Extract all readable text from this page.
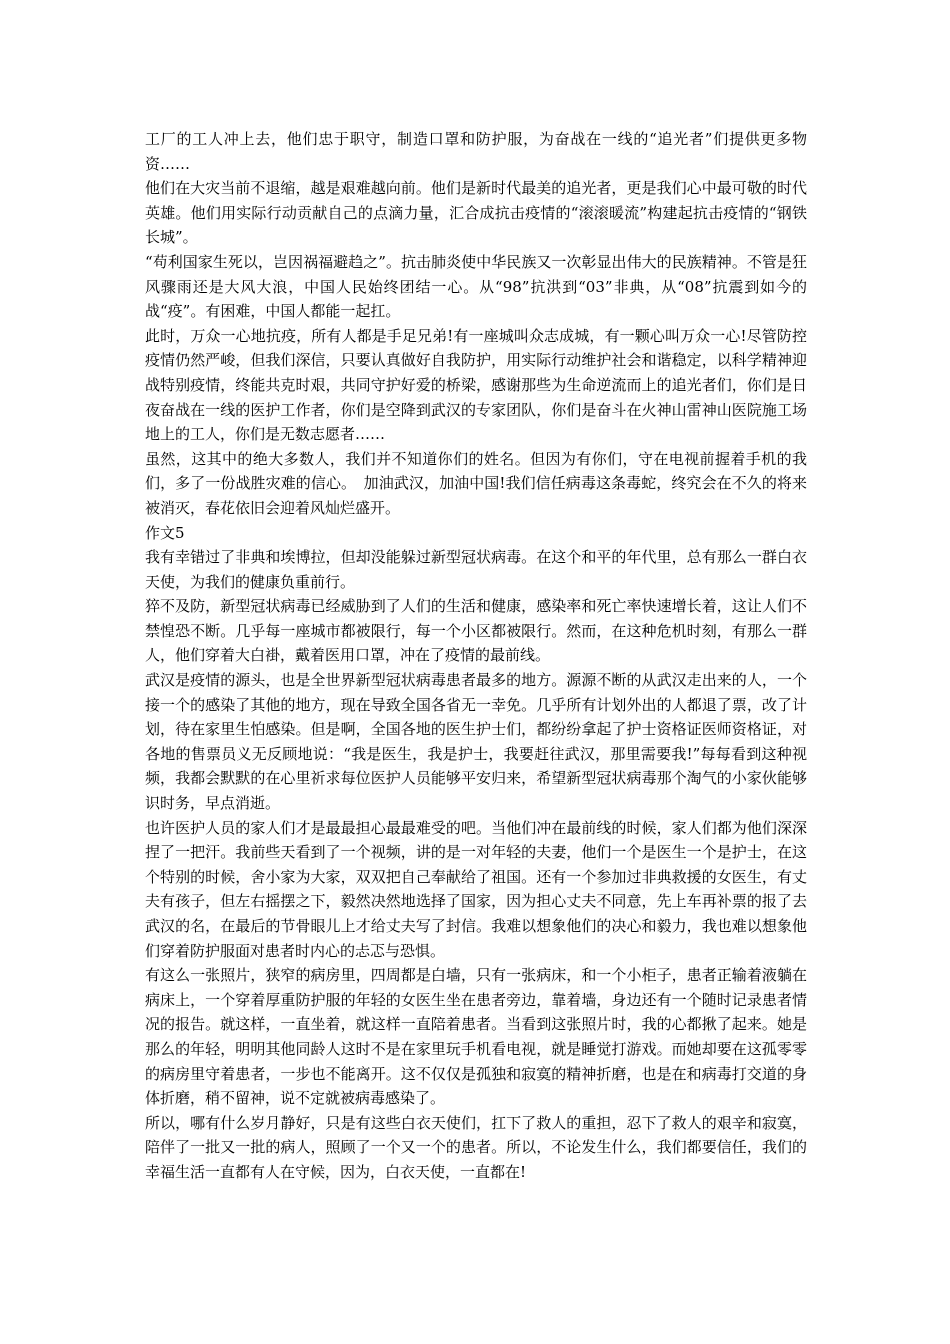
工厂的工人冲上去，他们忠于职守，制造口罩和防护服，为奋战在一线的“追光者”们提供更多物资……

他们在大灾当前不退缩，越是艰难越向前。他们是新时代最美的追光者，更是我们心中最可敬的时代英雄。他们用实际行动贡献自己的点滴力量，汇合成抗击疫情的“滚滚暖流”构建起抗击疫情的“钢铁长城”。

“苟利国家生死以，岂因祸福避趋之”。抗击肺炎使中华民族又一次彰显出伟大的民族精神。不管是狂风骤雨还是大风大浪，中国人民始终团结一心。从“98”抗洪到“03”非典，从“08”抗震到如今的战“疫”。有困难，中国人都能一起扛。

此时，万众一心地抗疫，所有人都是手足兄弟!有一座城叫众志成城，有一颗心叫万众一心!尽管防控疫情仍然严峻，但我们深信，只要认真做好自我防护，用实际行动维护社会和谐稳定，以科学精神迎战特别疫情，终能共克时艰，共同守护好爱的桥梁，感谢那些为生命逆流而上的追光者们，你们是日夜奋战在一线的医护工作者，你们是空降到武汉的专家团队，你们是奋斗在火神山雷神山医院施工场地上的工人，你们是无数志愿者……

虽然，这其中的绝大多数人，我们并不知道你们的姓名。但因为有你们，守在电视前握着手机的我们，多了一份战胜灾难的信心。　加油武汉，加油中国!我们信任病毒这条毒蛇，终究会在不久的将来被消灭，春花依旧会迎着风灿烂盛开。

作文5

我有幸错过了非典和埃博拉，但却没能躲过新型冠状病毒。在这个和平的年代里，总有那么一群白衣天使，为我们的健康负重前行。

猝不及防，新型冠状病毒已经威胁到了人们的生活和健康，感染率和死亡率快速增长着，这让人们不禁惶恐不断。几乎每一座城市都被限行，每一个小区都被限行。然而，在这种危机时刻，有那么一群人，他们穿着大白褂，戴着医用口罩，冲在了疫情的最前线。

武汉是疫情的源头，也是全世界新型冠状病毒患者最多的地方。源源不断的从武汉走出来的人，一个接一个的感染了其他的地方，现在导致全国各省无一幸免。几乎所有计划外出的人都退了票，改了计划，待在家里生怕感染。但是啊，全国各地的医生护士们，都纷纷拿起了护士资格证医师资格证，对各地的售票员义无反顾地说：“我是医生，我是护士，我要赶往武汉，那里需要我!”每每看到这种视频，我都会默默的在心里祈求每位医护人员能够平安归来，希望新型冠状病毒那个淘气的小家伙能够识时务，早点消逝。

也许医护人员的家人们才是最最担心最最难受的吧。当他们冲在最前线的时候，家人们都为他们深深捏了一把汗。我前些天看到了一个视频，讲的是一对年轻的夫妻，他们一个是医生一个是护士，在这个特别的时候，舍小家为大家，双双把自己奉献给了祖国。还有一个参加过非典救援的女医生，有丈夫有孩子，但左右摇摆之下，毅然决然地选择了国家，因为担心丈夫不同意，先上车再补票的报了去武汉的名，在最后的节骨眼儿上才给丈夫写了封信。我难以想象他们的决心和毅力，我也难以想象他们穿着防护服面对患者时内心的忐忑与恐惧。

有这么一张照片，狭窄的病房里，四周都是白墙，只有一张病床，和一个小柜子，患者正输着液躺在病床上，一个穿着厚重防护服的年轻的女医生坐在患者旁边，靠着墙，身边还有一个随时记录患者情况的报告。就这样，一直坐着，就这样一直陪着患者。当看到这张照片时，我的心都揪了起来。她是那么的年轻，明明其他同龄人这时不是在家里玩手机看电视，就是睡觉打游戏。而她却要在这孤零零的病房里守着患者，一步也不能离开。这不仅仅是孤独和寂寞的精神折磨，也是在和病毒打交道的身体折磨，稍不留神，说不定就被病毒感染了。

所以，哪有什么岁月静好，只是有这些白衣天使们，扛下了救人的重担，忍下了救人的艰辛和寂寞，陪伴了一批又一批的病人，照顾了一个又一个的患者。所以，不论发生什么，我们都要信任，我们的幸福生活一直都有人在守候，因为，白衣天使，一直都在!
